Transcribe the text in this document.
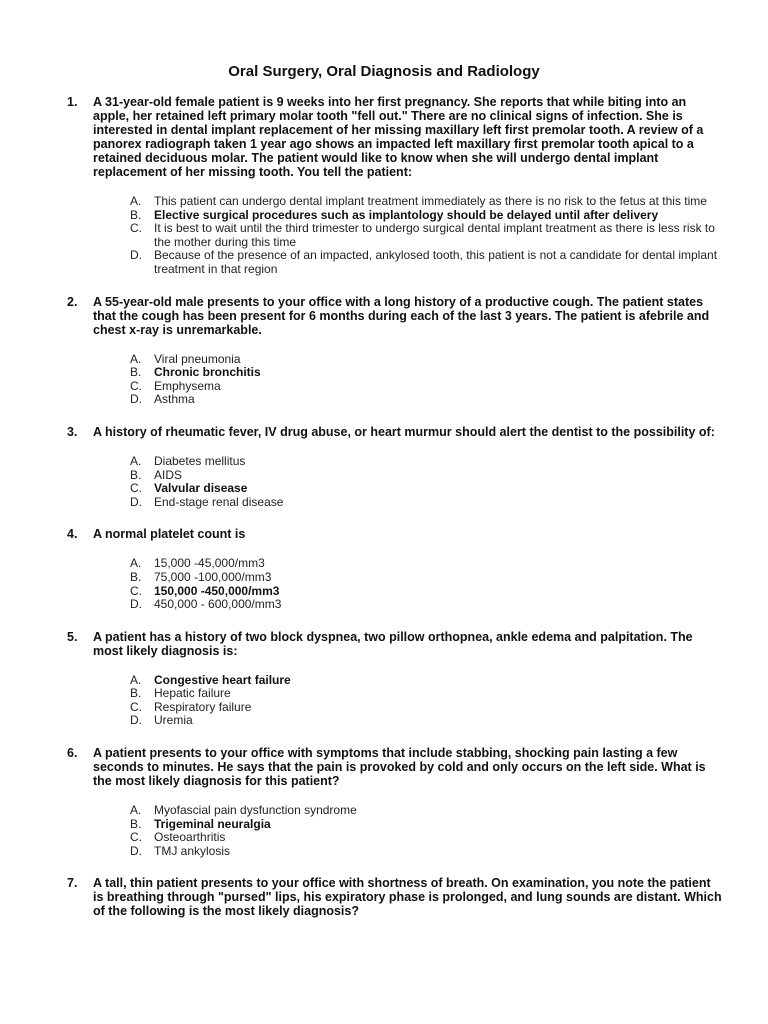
Oral Surgery, Oral Diagnosis and Radiology
1.	A 31-year-old female patient is 9 weeks into her first pregnancy. She reports that while biting into an apple, her retained left primary molar tooth "fell out." There are no clinical signs of infection. She is interested in dental implant replacement of her missing maxillary left first premolar tooth. A review of a panorex radiograph taken 1 year ago shows an impacted left maxillary first premolar tooth apical to a retained deciduous molar. The patient would like to know when she will undergo dental implant replacement of her missing tooth. You tell the patient:
A.	This patient can undergo dental implant treatment immediately as there is no risk to the fetus at this time
B.	Elective surgical procedures such as implantology should be delayed until after delivery
C.	It is best to wait until the third trimester to undergo surgical dental implant treatment as there is less risk to the mother during this time
D.	Because of the presence of an impacted, ankylosed tooth, this patient is not a candidate for dental implant treatment in that region
2.	A 55-year-old male presents to your office with a long history of a productive cough. The patient states that the cough has been present for 6 months during each of the last 3 years. The patient is afebrile and chest x-ray is unremarkable.
A.	Viral pneumonia
B.	Chronic bronchitis
C.	Emphysema
D.	Asthma
3.	A history of rheumatic fever, IV drug abuse, or heart murmur should alert the dentist to the possibility of:
A.	Diabetes mellitus
B.	AIDS
C.	Valvular disease
D.	End-stage renal disease
4.	A normal platelet count is
A.	15,000 -45,000/mm3
B.	75,000 -100,000/mm3
C.	150,000 -450,000/mm3
D.	450,000 - 600,000/mm3
5.	A patient has a history of two block dyspnea, two pillow orthopnea, ankle edema and palpitation. The most likely diagnosis is:
A.	Congestive heart failure
B.	Hepatic failure
C.	Respiratory failure
D.	Uremia
6.	A patient presents to your office with symptoms that include stabbing, shocking pain lasting a few seconds to minutes. He says that the pain is provoked by cold and only occurs on the left side. What is the most likely diagnosis for this patient?
A.	Myofascial pain dysfunction syndrome
B.	Trigeminal neuralgia
C.	Osteoarthritis
D.	TMJ ankylosis
7.	A tall, thin patient presents to your office with shortness of breath. On examination, you note the patient is breathing through "pursed" lips, his expiratory phase is prolonged, and lung sounds are distant. Which of the following is the most likely diagnosis?
